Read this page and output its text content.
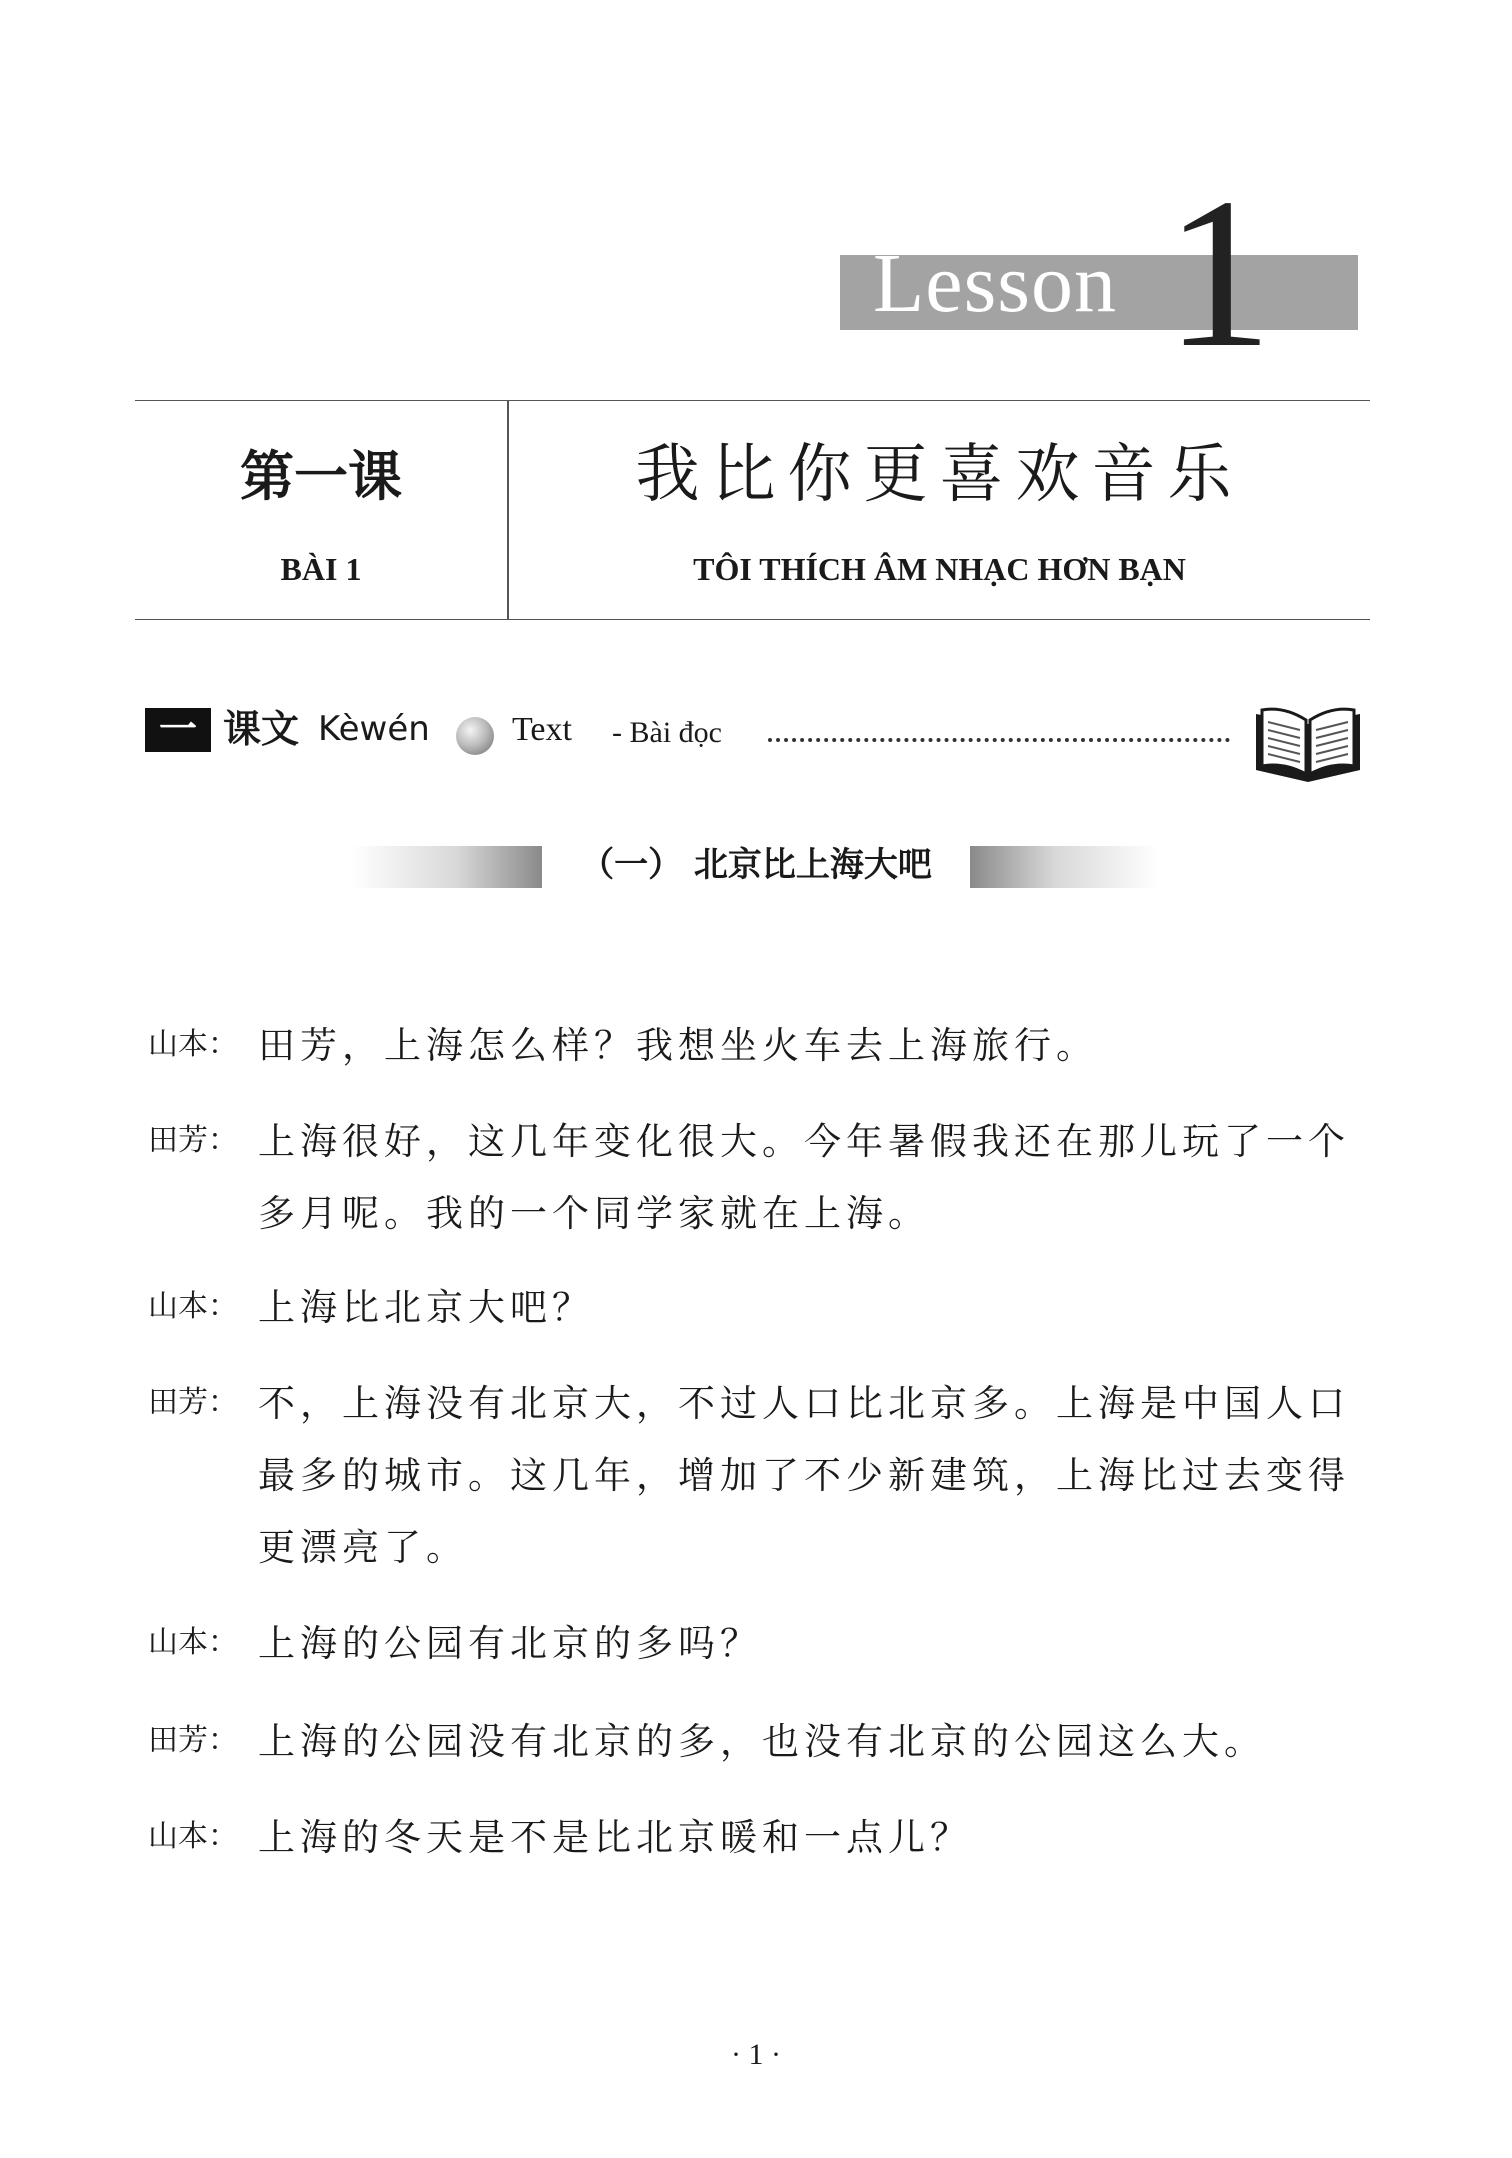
Lesson 1
第一课
BÀI 1
我比你更喜欢音乐
TÔI THÍCH ÂM NHẠC HƠN BẠN
一 课文 Kèwén Text - Bài đọc
（一） 北京比上海大吧
山本： 田芳，上海怎么样？我想坐火车去上海旅行。
田芳： 上海很好，这几年变化很大。今年暑假我还在那儿玩了一个多月呢。我的一个同学家就在上海。
山本： 上海比北京大吧？
田芳： 不，上海没有北京大，不过人口比北京多。上海是中国人口最多的城市。这几年，增加了不少新建筑，上海比过去变得更漂亮了。
山本： 上海的公园有北京的多吗？
田芳： 上海的公园没有北京的多，也没有北京的公园这么大。
山本： 上海的冬天是不是比北京暖和一点儿？
· 1 ·
